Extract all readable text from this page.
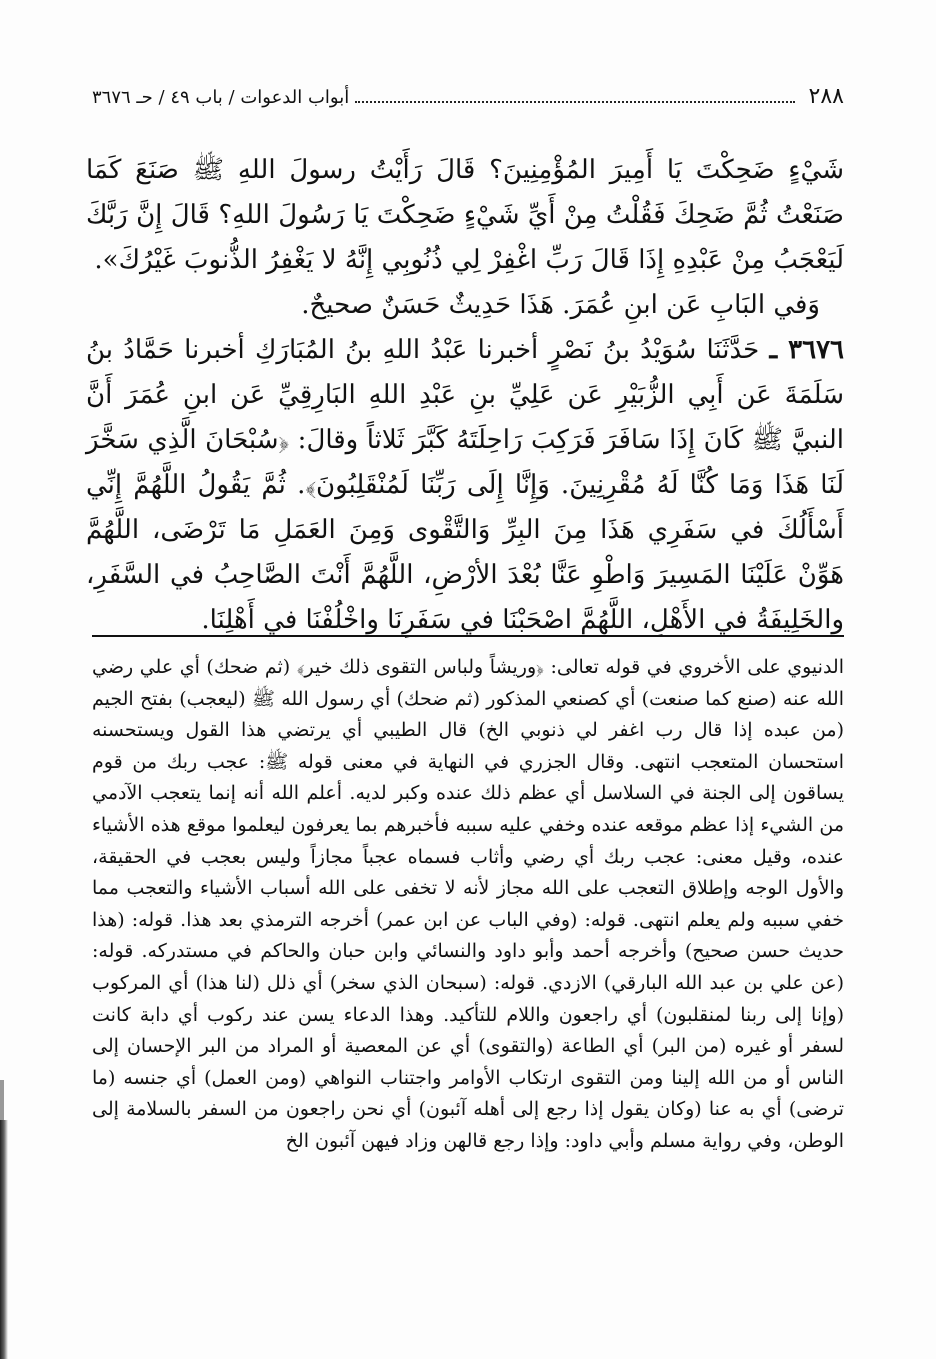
٢٨٨
أبواب الدعوات / باب ٤٩ / حـ ٣٦٧٦

شَيْءٍ ضَحِكْتَ يَا أَمِيرَ المُؤْمِنِينَ؟ قَالَ رَأَيْتُ رسولَ اللهِ ﷺ صَنَعَ كَمَا صَنَعْتُ ثُمَّ ضَحِكَ فَقُلْتُ مِنْ أَيِّ شَيْءٍ ضَحِكْتَ يَا رَسُولَ اللهِ؟ قَالَ إِنَّ رَبَّكَ لَيَعْجَبُ مِنْ عَبْدِهِ إِذَا قَالَ رَبِّ اغْفِرْ لِي ذُنُوبِي إِنَّهُ لا يَغْفِرُ الذُّنوبَ غَيْرُكَ».

وَفي البَابِ عَن ابنِ عُمَرَ. هَذَا حَدِيثٌ حَسَنٌ صحيحٌ.

٣٦٧٦ ـ حَدَّثَنَا سُوَيْدُ بنُ نَصْرٍ أخبرنا عَبْدُ اللهِ بنُ المُبَارَكِ أخبرنا حَمَّادُ بنُ سَلَمَةَ عَن أَبِي الزُّبَيْرِ عَن عَلِيِّ بنِ عَبْدِ اللهِ البَارِقِيِّ عَن ابنِ عُمَرَ أَنَّ النبيَّ ﷺ كَانَ إِذَا سَافَرَ فَرَكِبَ رَاحِلَتَهُ كَبَّرَ ثَلاثاً وقالَ: ﴿سُبْحَانَ الَّذِي سَخَّرَ لَنَا هَذَا وَمَا كُنَّا لَهُ مُقْرِنِينَ. وَإِنَّا إِلَى رَبِّنَا لَمُنْقَلِبُونَ﴾. ثُمَّ يَقُولُ اللَّهُمَّ إِنِّي أَسْأَلُكَ في سَفَرِي هَذَا مِنَ البِرِّ وَالتَّقْوى وَمِنَ العَمَلِ مَا تَرْضَى، اللَّهُمَّ هَوِّنْ عَلَيْنَا المَسِيرَ وَاطْوِ عَنَّا بُعْدَ الأرْضِ، اللَّهُمَّ أَنْتَ الصَّاحِبُ في السَّفَرِ، والخَلِيفَةُ في الأَهْلِ، اللَّهُمَّ اصْحَبْنَا في سَفَرِنَا واخْلُفْنَا في أَهْلِنَا.

الدنيوي على الأخروي في قوله تعالى: ﴿وريشاً ولباس التقوى ذلك خير﴾ (ثم ضحك) أي علي رضي الله عنه (صنع كما صنعت) أي كصنعي المذكور (ثم ضحك) أي رسول الله ﷺ (ليعجب) بفتح الجيم (من عبده إذا قال رب اغفر لي ذنوبي الخ) قال الطيبي أي يرتضي هذا القول ويستحسنه استحسان المتعجب انتهى. وقال الجزري في النهاية في معنى قوله ﷺ: عجب ربك من قوم يساقون إلى الجنة في السلاسل أي عظم ذلك عنده وكبر لديه. أعلم الله أنه إنما يتعجب الآدمي من الشيء إذا عظم موقعه عنده وخفي عليه سببه فأخبرهم بما يعرفون ليعلموا موقع هذه الأشياء عنده، وقيل معنى: عجب ربك أي رضي وأثاب فسماه عجباً مجازاً وليس بعجب في الحقيقة، والأول الوجه وإطلاق التعجب على الله مجاز لأنه لا تخفى على الله أسباب الأشياء والتعجب مما خفي سببه ولم يعلم انتهى. قوله: (وفي الباب عن ابن عمر) أخرجه الترمذي بعد هذا. قوله: (هذا حديث حسن صحيح) وأخرجه أحمد وأبو داود والنسائي وابن حبان والحاكم في مستدركه. قوله: (عن علي بن عبد الله البارقي) الازدي. قوله: (سبحان الذي سخر) أي ذلل (لنا هذا) أي المركوب (وإنا إلى ربنا لمنقلبون) أي راجعون واللام للتأكيد. وهذا الدعاء يسن عند ركوب أي دابة كانت لسفر أو غيره (من البر) أي الطاعة (والتقوى) أي عن المعصية أو المراد من البر الإحسان إلى الناس أو من الله إلينا ومن التقوى ارتكاب الأوامر واجتناب النواهي (ومن العمل) أي جنسه (ما ترضى) أي به عنا (وكان يقول إذا رجع إلى أهله آئبون) أي نحن راجعون من السفر بالسلامة إلى الوطن، وفي رواية مسلم وأبي داود: وإذا رجع قالهن وزاد فيهن آئبون الخ
